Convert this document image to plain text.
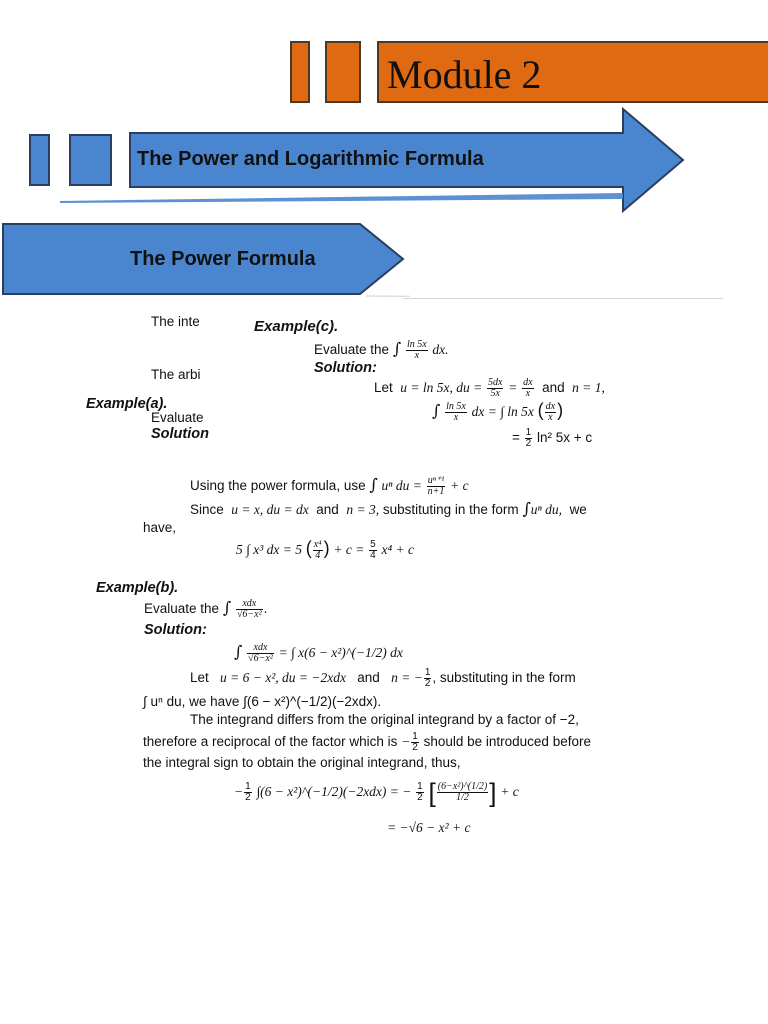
Module 2
The Power and Logarithmic Formula
The Power Formula
The inte
The arbi
Example(a).
Evaluate
Solution
Example(c).
Evaluate the ∫ $\frac{\ln 5x}{x}$ dx.
Solution:
Let u = ln 5x, du = $\frac{5dx}{5x} = \frac{dx}{x}$ and n = 1,
∫ $\frac{\ln 5x}{x}$ dx = ∫ ln 5x ( $\frac{dx}{x}$ )
= $\frac{1}{2} \ln^2$ 5x + c
Using the power formula, use ∫ uⁿ du = $\frac{\text{uⁿ⁺¹}}{n+1} + c$
Since u = x, du = dx and n = 3, substituting in the form ∫uⁿ du, we
have,
5 ∫ x³ dx = 5 ( $\frac{\text{x⁴}}{4}$ ) + $c = \frac{5}{4} x^4 + c$
Example(b).
Evaluate the ∫ $\frac{\text{xdx}}{\text{√6−x²}}$ .
Solution:
∫ $\frac{\text{xdx}}{\text{√6−x²}}$ = ∫ x(6 − x²)^(−1/2) dx
Let u = 6 − x², du = −2xdx and n = − $\frac{1}{2}$ , substituting in the form
∫ uⁿ du, we have ∫(6 − x²)^(−1/2)(−2xdx).
The integrand differs from the original integrand by a factor of −2,
therefore a reciprocal of the factor which is − $\frac{1}{2}$ should be introduced before
the integral sign to obtain the original integrand, thus,
− $\frac{1}{2} \int(6$ − x²)^(−1/2)(−2xdx) = − $\frac{1}{2}$ [ $\frac{\text{(6−x²)\textasciicircum{}(1/2)}}{1/2}$ ] + c
= −√6 − x² + c
